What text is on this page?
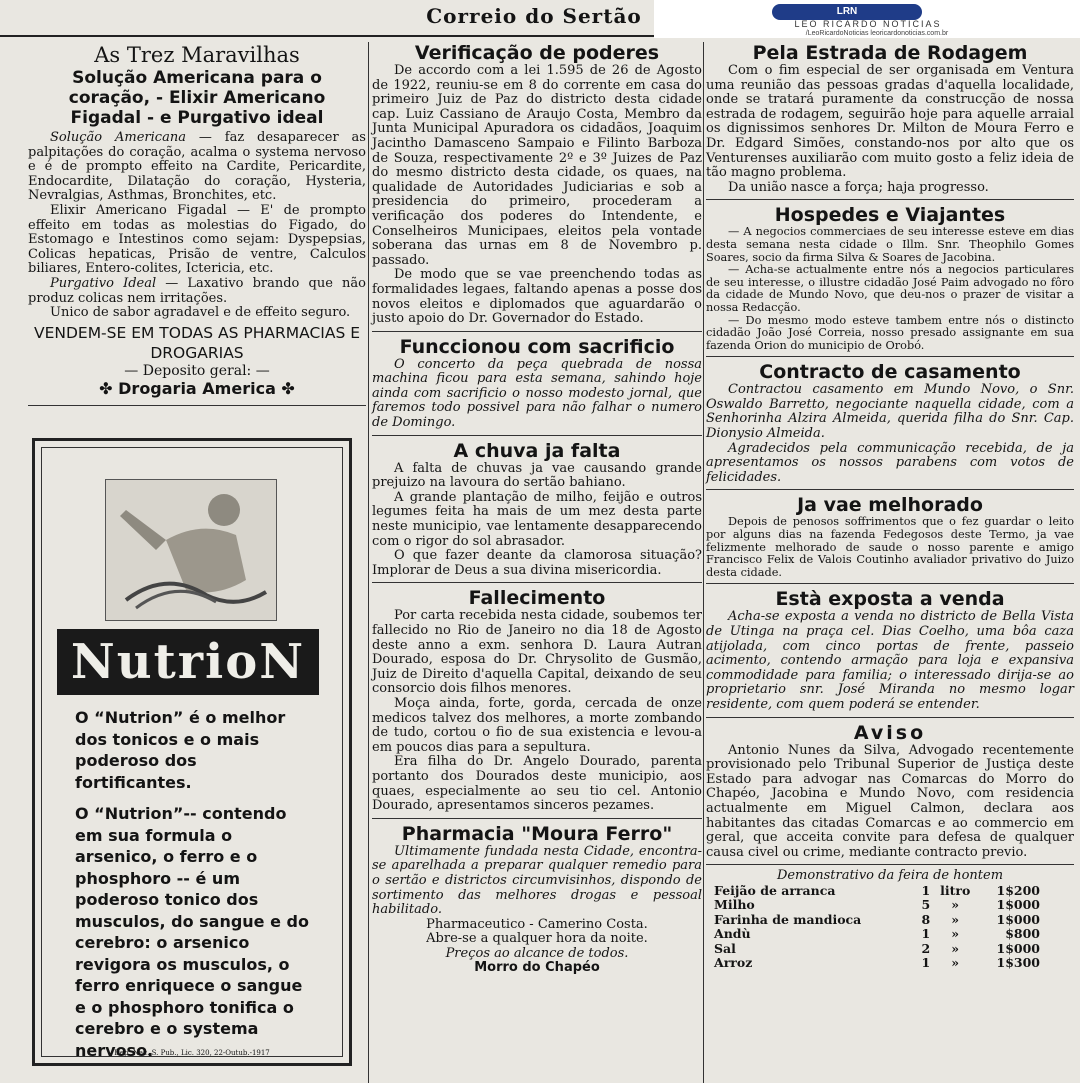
Correio do Sertão	LRN
LEO RICARDO NOTICIAS
/LeoRicardoNoticias leoricardonoticias.com.br
As Trez Maravilhas
Solução Americana para o coração, - Elixir Americano Figadal - e Purgativo ideal

Solução Americana — faz desaparecer as palpitações do coração, acalma o systema nervoso e é de prompto effeito na Cardite, Pericardite, Endocardite, Dilatação do coração, Hysteria, Nevralgias, Asthmas, Bronchites, etc.

Elixir Americano Figadal — E' de prompto effeito em todas as molestias do Figado, do Estomago e Intestinos como sejam: Dyspepsias, Colicas hepaticas, Prisão de ventre, Calculos biliares, Entero-colites, Ictericia, etc.

Purgativo Ideal — Laxativo brando que não produz colicas nem irritações.

Unico de sabor agradavel e de effeito seguro.

VENDEM-SE EM TODAS AS PHARMACIAS E DROGARIAS
— Deposito geral: —
✤ Drogaria America ✤
NutrioN
O “Nutrion” é o melhor dos tonicos e o mais poderoso dos fortificantes.
O “Nutrion”-- contendo em sua formula o arsenico, o ferro e o phosphoro -- é um poderoso tonico dos musculos, do sangue e do cerebro: o arsenico revigora os musculos, o ferro enriquece o sangue e o phosphoro tonifica o cerebro e o systema nervoso.
Dep. Nac. S. Pub., Lic. 320, 22-Outub.-1917
Verificação de poderes

De accordo com a lei 1.595 de 26 de Agosto de 1922, reuniu-se em 8 do corrente em casa do primeiro Juiz de Paz do districto desta cidade cap. Luiz Cassiano de Araujo Costa, Membro da Junta Municipal Apuradora os cidadãos, Joaquim Jacintho Damasceno Sampaio e Filinto Barboza de Souza, respectivamente 2º e 3º Juizes de Paz do mesmo districto desta cidade, os quaes, na qualidade de Autoridades Judiciarias e sob a presidencia do primeiro, procederam a verificação dos poderes do Intendente, e Conselheiros Municipaes, eleitos pela vontade soberana das urnas em 8 de Novembro p. passado.

De modo que se vae preenchendo todas as formalidades legaes, faltando apenas a posse dos novos eleitos e diplomados que aguardarão o justo apoio do Dr. Governador do Estado.

Funccionou com sacrificio

O concerto da peça quebrada de nossa machina ficou para esta semana, sahindo hoje ainda com sacrificio o nosso modesto jornal, que faremos todo possivel para não falhar o numero de Domingo.

A chuva ja falta

A falta de chuvas ja vae causando grande prejuizo na lavoura do sertão bahiano.

A grande plantação de milho, feijão e outros legumes feita ha mais de um mez desta parte neste municipio, vae lentamente desapparecendo com o rigor do sol abrasador.

O que fazer deante da clamorosa situação? Implorar de Deus a sua divina misericordia.

Fallecimento

Por carta recebida nesta cidade, soubemos ter fallecido no Rio de Janeiro no dia 18 de Agosto deste anno a exm. senhora D. Laura Autran Dourado, esposa do Dr. Chrysolito de Gusmão, Juiz de Direito d'aquella Capital, deixando de seu consorcio dois filhos menores.

Moça ainda, forte, gorda, cercada de onze medicos talvez dos melhores, a morte zombando de tudo, cortou o fio de sua existencia e levou-a em poucos dias para a sepultura.

Era filha do Dr. Angelo Dourado, parenta portanto dos Dourados deste municipio, aos quaes, especialmente ao seu tio cel. Antonio Dourado, apresentamos sinceros pezames.

Pharmacia "Moura Ferro"

Ultimamente fundada nesta Cidade, encontra-se aparelhada a preparar qualquer remedio para o sertão e districtos circumvisinhos, dispondo de sortimento das melhores drogas e pessoal habilitado.

Pharmaceutico - Camerino Costa.

Abre-se a qualquer hora da noite.

Preços ao alcance de todos.

Morro do Chapéo

Pela Estrada de Rodagem

Com o fim especial de ser organisada em Ventura uma reunião das pessoas gradas d'aquella localidade, onde se tratará puramente da construcção de nossa estrada de rodagem, seguirão hoje para aquelle arraial os dignissimos senhores Dr. Milton de Moura Ferro e Dr. Edgard Simões, constando-nos por alto que os Venturenses auxiliarão com muito gosto a feliz ideia de tão magno problema.

Da união nasce a força; haja progresso.

Hospedes e Viajantes

— A negocios commerciaes de seu interesse esteve em dias desta semana nesta cidade o Illm. Snr. Theophilo Gomes Soares, socio da firma Silva & Soares de Jacobina.

— Acha-se actualmente entre nós a negocios particulares de seu interesse, o illustre cidadão José Paim advogado no fôro da cidade de Mundo Novo, que deu-nos o prazer de visitar a nossa Redacção.

— Do mesmo modo esteve tambem entre nós o distincto cidadão João José Correia, nosso presado assignante em sua fazenda Orion do municipio de Orobó.

Contracto de casamento

Contractou casamento em Mundo Novo, o Snr. Oswaldo Barretto, negociante naquella cidade, com a Senhorinha Alzira Almeida, querida filha do Snr. Cap. Dionysio Almeida.

Agradecidos pela communicação recebida, de ja apresentamos os nossos parabens com votos de felicidades.

Ja vae melhorado

Depois de penosos soffrimentos que o fez guardar o leito por alguns dias na fazenda Fedegosos deste Termo, ja vae felizmente melhorado de saude o nosso parente e amigo Francisco Felix de Valois Coutinho avaliador privativo do Juizo desta cidade.

Està exposta a venda

Acha-se exposta a venda no districto de Bella Vista de Utinga na praça cel. Dias Coelho, uma bôa caza atijolada, com cinco portas de frente, passeio acimento, contendo armação para loja e expansiva commodidade para familia; o interessado dirija-se ao proprietario snr. José Miranda no mesmo logar residente, com quem poderá se entender.

Aviso

Antonio Nunes da Silva, Advogado recentemente provisionado pelo Tribunal Superior de Justiça deste Estado para advogar nas Comarcas do Morro do Chapéo, Jacobina e Mundo Novo, com residencia actualmente em Miguel Calmon, declara aos habitantes das citadas Comarcas e ao commercio em geral, que acceita convite para defesa de qualquer causa civel ou crime, mediante contracto previo.

Demonstrativo da feira de hontem

Feijão de arranca	1	litro	1$200
Milho	5	»	1$000
Farinha de mandioca	8	»	1$000
Andù	1	»	$800
Sal	2	»	1$000
Arroz	1	»	1$300
